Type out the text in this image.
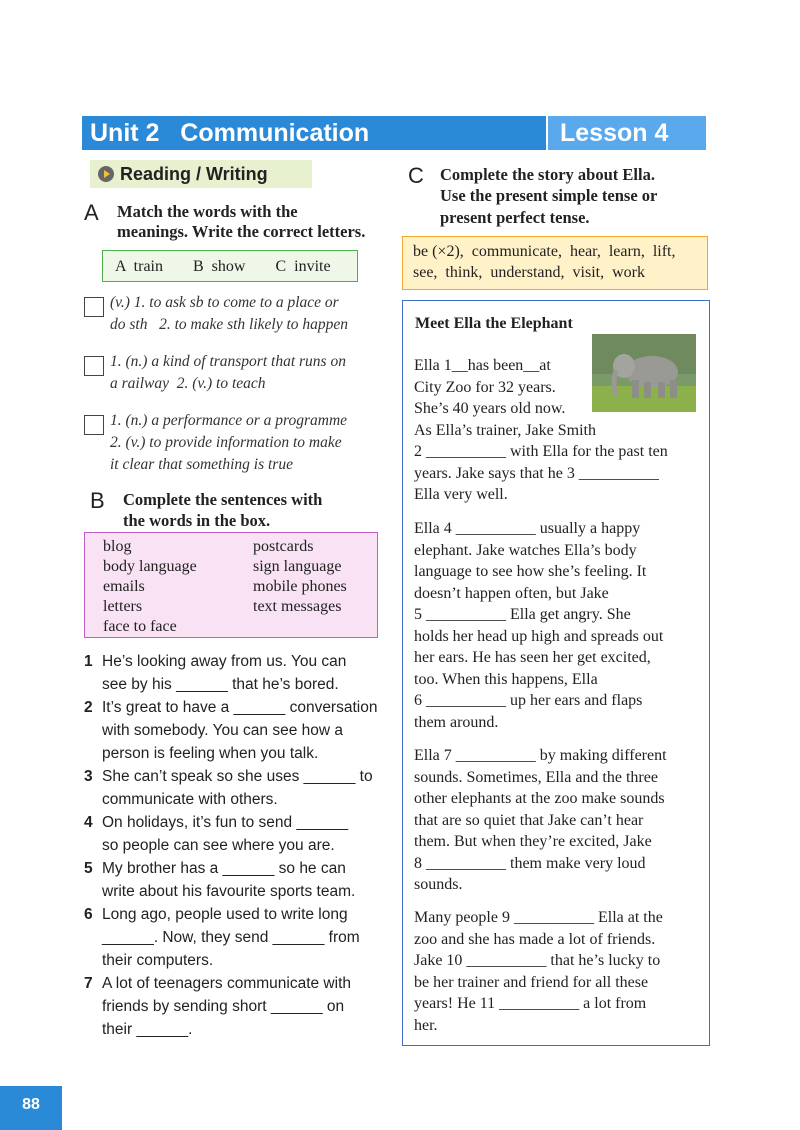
Unit 2   Communication	Lesson 4
Reading / Writing
A Match the words with the
meanings. Write the correct letters.
A  train B  show C  invite
(v.) 1. to ask sb to come to a place or
do sth   2. to make sth likely to happen
1. (n.) a kind of transport that runs on
a railway  2. (v.) to teach
1. (n.) a performance or a programme
2. (v.) to provide information to make
it clear that something is true
B Complete the sentences with
the words in the box.
blog
body language
emails
letters
face to face
postcards
sign language
mobile phones
text messages
1 He’s looking away from us. You can
see by his ______ that he’s bored.
2 It’s great to have a ______ conversation
with somebody. You can see how a
person is feeling when you talk.
3 She can’t speak so she uses ______ to
communicate with others.
4 On holidays, it’s fun to send ______
so people can see where you are.
5 My brother has a ______ so he can
write about his favourite sports team.
6 Long ago, people used to write long
______. Now, they send ______ from
their computers.
7 A lot of teenagers communicate with
friends by sending short ______ on
their ______.
C Complete the story about Ella.
Use the present simple tense or
present perfect tense.
be (×2),  communicate,  hear,  learn,  lift,
see,  think,  understand,  visit,  work
Meet Ella the Elephant

Ella 1__has been__at

City Zoo for 32 years.

She’s 40 years old now.

As Ella’s trainer, Jake Smith

2 __________ with Ella for the past ten

years. Jake says that he 3 __________

Ella very well.

Ella 4 __________ usually a happy

elephant. Jake watches Ella’s body

language to see how she’s feeling. It

doesn’t happen often, but Jake

5 __________ Ella get angry. She

holds her head up high and spreads out

her ears. He has seen her get excited,

too. When this happens, Ella

6 __________ up her ears and flaps

them around.

Ella 7 __________ by making different

sounds. Sometimes, Ella and the three

other elephants at the zoo make sounds

that are so quiet that Jake can’t hear

them. But when they’re excited, Jake

8 __________ them make very loud

sounds.

Many people 9 __________ Ella at the

zoo and she has made a lot of friends.

Jake 10 __________ that he’s lucky to

be her trainer and friend for all these

years! He 11 __________ a lot from

her.

88
